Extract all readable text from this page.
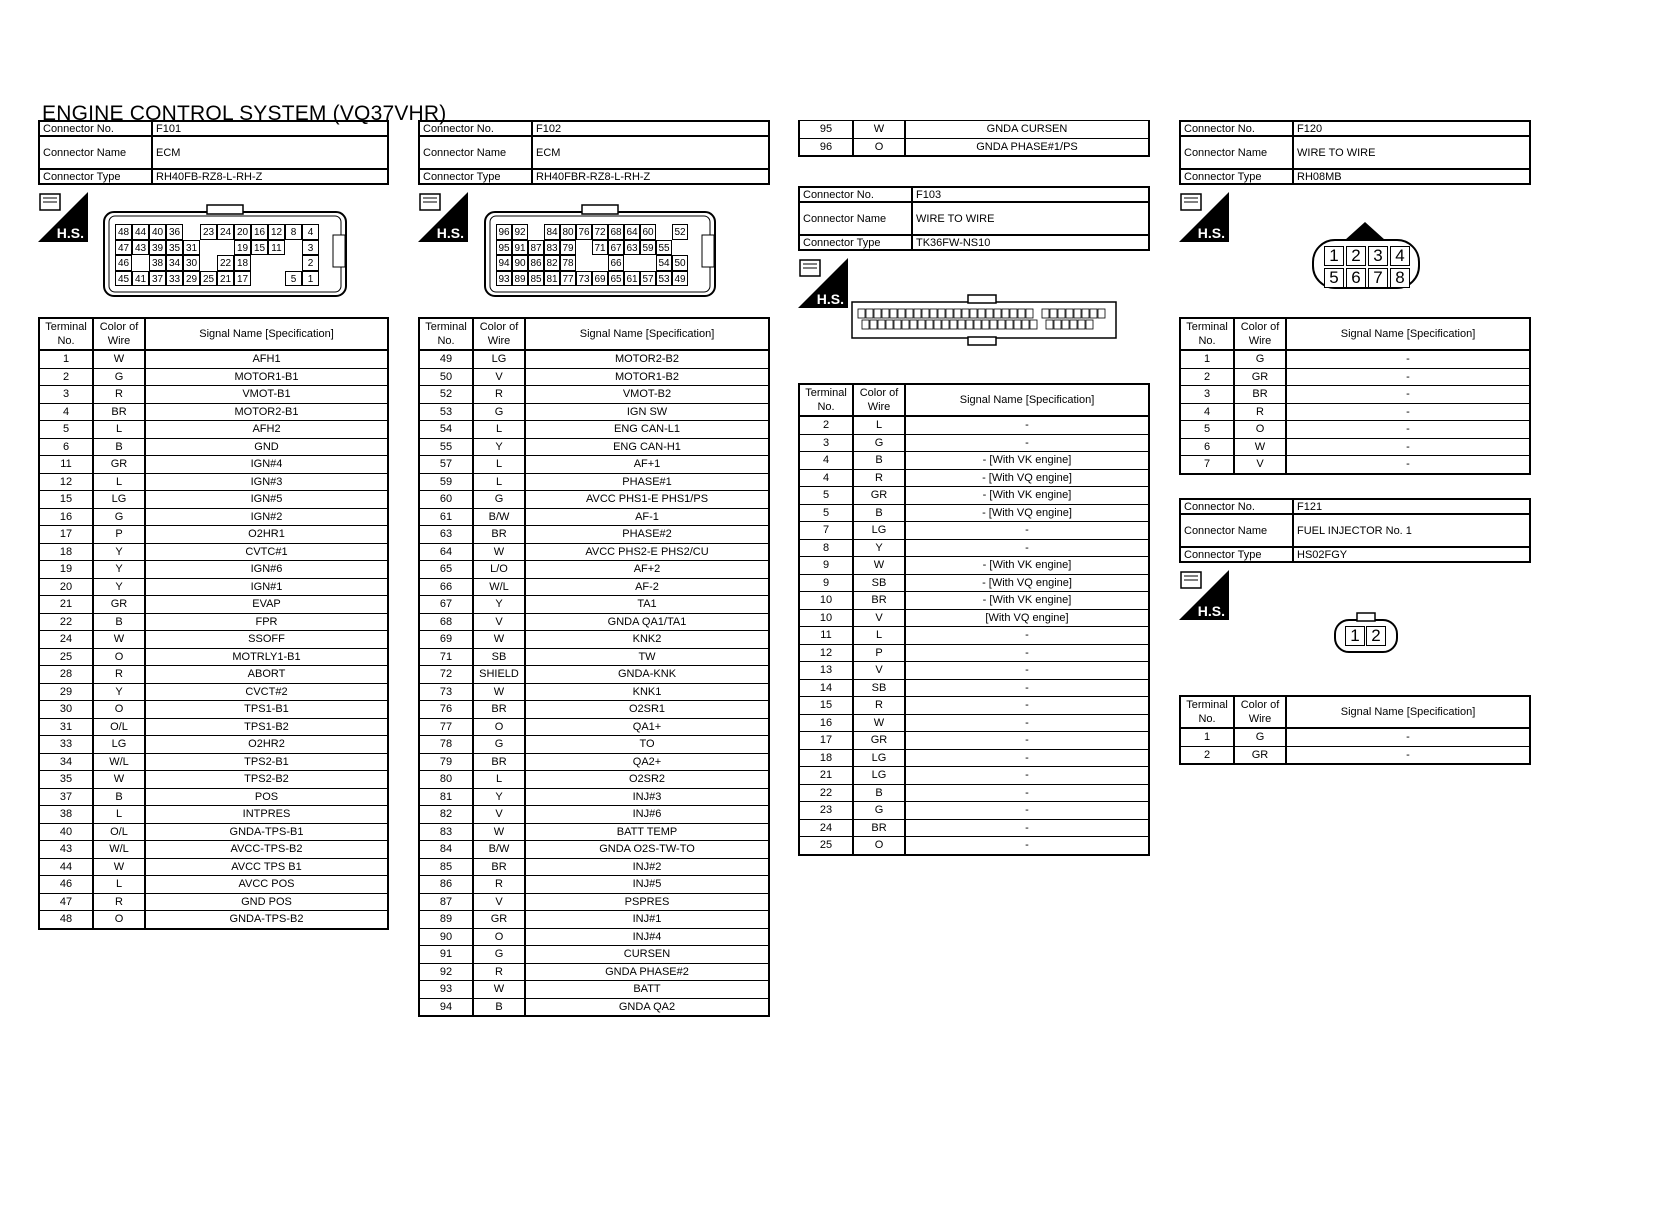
ENGINE CONTROL SYSTEM (VQ37VHR)
Connector No.	F101
Connector Name	ECM
Connector Type	RH40FB-RZ8-L-RH-Z
H.S.	48 44 40 36 23 24 20 16 12 8	4
47 43 39 35 31	19 15 11	3
46 38 34 30 22 18	2
45 41 37 33 29 25 21 17	5	1
Terminal No.	Color of Wire	Signal Name [Specification]
1	W	AFH1
2	G	MOTOR1-B1
3	R	VMOT-B1
4	BR	MOTOR2-B1
5	L	AFH2
6	B	GND
11	GR	IGN#4
12	L	IGN#3
15	LG	IGN#5
16	G	IGN#2
17	P	O2HR1
18	Y	CVTC#1
19	Y	IGN#6
20	Y	IGN#1
21	GR	EVAP
22	B	FPR
24	W	SSOFF
25	O	MOTRLY1-B1
28	R	ABORT
29	Y	CVCT#2
30	O	TPS1-B1
31	O/L	TPS1-B2
33	LG	O2HR2
34	W/L	TPS2-B1
35	W	TPS2-B2
37	B	POS
38	L	INTPRES
40	O/L	GNDA-TPS-B1
43	W/L	AVCC-TPS-B2
44	W	AVCC TPS B1
46	L	AVCC POS
47	R	GND POS
48	O	GNDA-TPS-B2
Connector No.	F102
Connector Name	ECM
Connector Type	RH40FBR-RZ8-L-RH-Z
H.S.	96 92 84 80 76 72 68 64 60 52
95 91 87 83 79 71 67 63 59 55
94 90 86 82 78	66	54 50
93 89 85 81 77 73 69 65 61 57 53 49
Terminal No.	Color of Wire	Signal Name [Specification]
49	LG	MOTOR2-B2
50	V	MOTOR1-B2
52	R	VMOT-B2
53	G	IGN SW
54	L	ENG CAN-L1
55	Y	ENG CAN-H1
57	L	AF+1
59	L	PHASE#1
60	G	AVCC PHS1-E PHS1/PS
61	B/W	AF-1
63	BR	PHASE#2
64	W	AVCC PHS2-E PHS2/CU
65	L/O	AF+2
66	W/L	AF-2
67	Y	TA1
68	V	GNDA QA1/TA1
69	W	KNK2
71	SB	TW
72	SHIELD	GNDA-KNK
73	W	KNK1
76	BR	O2SR1
77	O	QA1+
78	G	TO
79	BR	QA2+
80	L	O2SR2
81	Y	INJ#3
82	V	INJ#6
83	W	BATT TEMP
84	B/W	GNDA O2S-TW-TO
85	BR	INJ#2
86	R	INJ#5
87	V	PSPRES
89	GR	INJ#1
90	O	INJ#4
91	G	CURSEN
92	R	GNDA PHASE#2
93	W	BATT
94	B	GNDA QA2
95	W	GNDA CURSEN
96	O	GNDA PHASE#1/PS
Connector No.	F103
Connector Name	WIRE TO WIRE
Connector Type	TK36FW-NS10
H.S.
Terminal No.	Color of Wire	Signal Name [Specification]
2	L	-
3	G	-
4	B	- [With VK engine]
4	R	- [With VQ engine]
5	GR	- [With VK engine]
5	B	- [With VQ engine]
7	LG	-
8	Y	-
9	W	- [With VK engine]
9	SB	- [With VQ engine]
10	BR	- [With VK engine]
10	V	[With VQ engine]
11	L	-
12	P	-
13	V	-
14	SB	-
15	R	-
16	W	-
17	GR	-
18	LG	-
21	LG	-
22	B	-
23	G	-
24	BR	-
25	O	-
Connector No.	F120
Connector Name	WIRE TO WIRE
Connector Type	RH08MB
H.S.
1 2 3 4
5 6 7 8
Terminal No.	Color of Wire	Signal Name [Specification]
1	G	-
2	GR	-
3	BR	-
4	R	-
5	O	-
6	W	-
7	V	-
Connector No.	F121
Connector Name	FUEL INJECTOR No. 1
Connector Type	HS02FGY
H.S.
1 2
Terminal No.	Color of Wire	Signal Name [Specification]
1	G	-
2	GR	-
